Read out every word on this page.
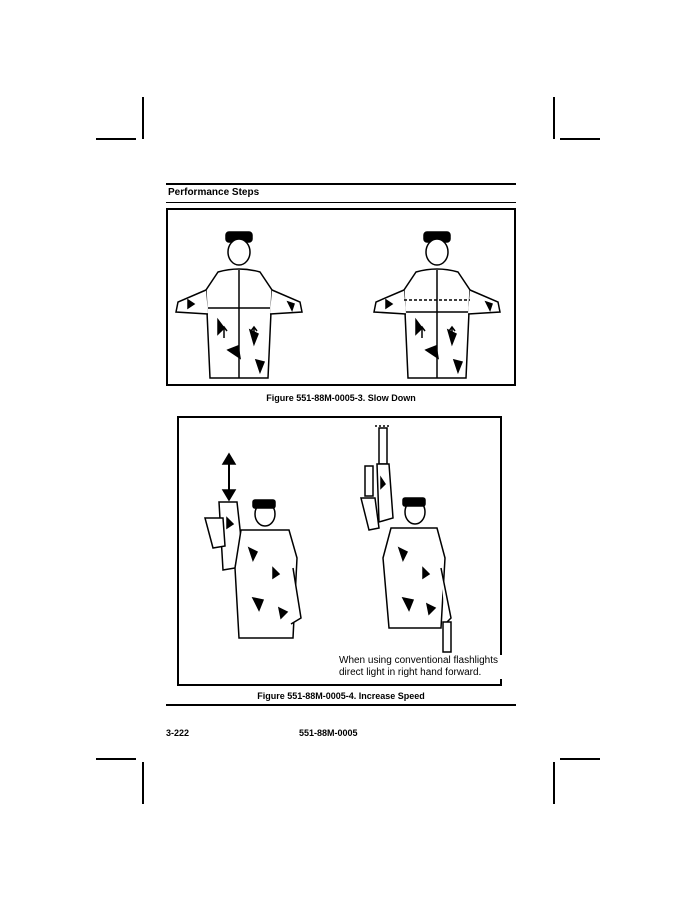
Performance Steps
Figure 551-88M-0005-3. Slow Down
When using conventional flashlights
direct light in right hand forward.
Figure 551-88M-0005-4. Increase Speed
3-222	551-88M-0005
